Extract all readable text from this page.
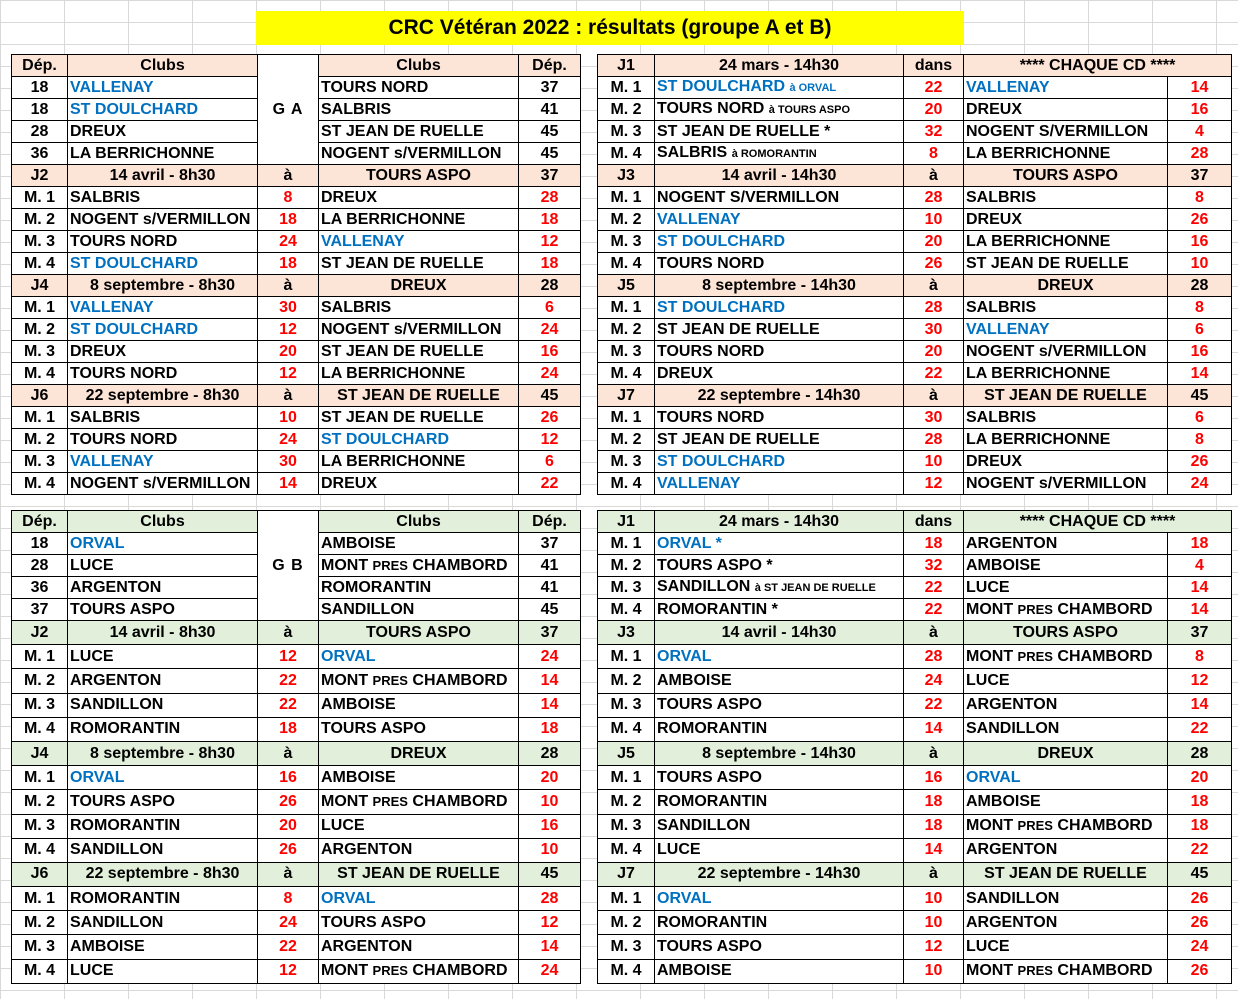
CRC Vétéran 2022 : résultats (groupe A et B)
Dép.	Clubs	G A	Clubs	Dép.
18	VALLENAY		TOURS NORD	37
18	ST DOULCHARD		SALBRIS	41
28	DREUX		ST JEAN DE RUELLE	45
36	LA BERRICHONNE		NOGENT s/VERMILLON	45
J2	14 avril - 8h30	à	TOURS ASPO	37
M. 1	SALBRIS	8	DREUX	28
M. 2	NOGENT s/VERMILLON	18	LA BERRICHONNE	18
M. 3	TOURS NORD	24	VALLENAY	12
M. 4	ST DOULCHARD	18	ST JEAN DE RUELLE	18
J4	8 septembre - 8h30	à	DREUX	28
M. 1	VALLENAY	30	SALBRIS	6
M. 2	ST DOULCHARD	12	NOGENT s/VERMILLON	24
M. 3	DREUX	20	ST JEAN DE RUELLE	16
M. 4	TOURS NORD	12	LA BERRICHONNE	24
J6	22 septembre - 8h30	à	ST JEAN DE RUELLE	45
M. 1	SALBRIS	10	ST JEAN DE RUELLE	26
M. 2	TOURS NORD	24	ST DOULCHARD	12
M. 3	VALLENAY	30	LA BERRICHONNE	6
M. 4	NOGENT s/VERMILLON	14	DREUX	22
J1	24 mars - 14h30	dans	**** CHAQUE CD ****	
M. 1	ST DOULCHARD à ORVAL	22	VALLENAY	14
M. 2	TOURS NORD à TOURS ASPO	20	DREUX	16
M. 3	ST JEAN DE RUELLE *	32	NOGENT S/VERMILLON	4
M. 4	SALBRIS à ROMORANTIN	8	LA BERRICHONNE	28
J3	14 avril - 14h30	à	TOURS ASPO	37
M. 1	NOGENT S/VERMILLON	28	SALBRIS	8
M. 2	VALLENAY	10	DREUX	26
M. 3	ST DOULCHARD	20	LA BERRICHONNE	16
M. 4	TOURS NORD	26	ST JEAN DE RUELLE	10
J5	8 septembre - 14h30	à	DREUX	28
M. 1	ST DOULCHARD	28	SALBRIS	8
M. 2	ST JEAN DE RUELLE	30	VALLENAY	6
M. 3	TOURS NORD	20	NOGENT s/VERMILLON	16
M. 4	DREUX	22	LA BERRICHONNE	14
J7	22 septembre - 14h30	à	ST JEAN DE RUELLE	45
M. 1	TOURS NORD	30	SALBRIS	6
M. 2	ST JEAN DE RUELLE	28	LA BERRICHONNE	8
M. 3	ST DOULCHARD	10	DREUX	26
M. 4	VALLENAY	12	NOGENT s/VERMILLON	24
Dép.	Clubs	G B	Clubs	Dép.
18	ORVAL		AMBOISE	37
28	LUCE		MONT PRES CHAMBORD	41
36	ARGENTON		ROMORANTIN	41
37	TOURS ASPO		SANDILLON	45
J2	14 avril - 8h30	à	TOURS ASPO	37
M. 1	LUCE	12	ORVAL	24
M. 2	ARGENTON	22	MONT PRES CHAMBORD	14
M. 3	SANDILLON	22	AMBOISE	14
M. 4	ROMORANTIN	18	TOURS ASPO	18
J4	8 septembre - 8h30	à	DREUX	28
M. 1	ORVAL	16	AMBOISE	20
M. 2	TOURS ASPO	26	MONT PRES CHAMBORD	10
M. 3	ROMORANTIN	20	LUCE	16
M. 4	SANDILLON	26	ARGENTON	10
J6	22 septembre - 8h30	à	ST JEAN DE RUELLE	45
M. 1	ROMORANTIN	8	ORVAL	28
M. 2	SANDILLON	24	TOURS ASPO	12
M. 3	AMBOISE	22	ARGENTON	14
M. 4	LUCE	12	MONT PRES CHAMBORD	24
J1	24 mars - 14h30	dans	**** CHAQUE CD ****	
M. 1	ORVAL *	18	ARGENTON	18
M. 2	TOURS ASPO *	32	AMBOISE	4
M. 3	SANDILLON à ST JEAN DE RUELLE	22	LUCE	14
M. 4	ROMORANTIN *	22	MONT PRES CHAMBORD	14
J3	14 avril - 14h30	à	TOURS ASPO	37
M. 1	ORVAL	28	MONT PRES CHAMBORD	8
M. 2	AMBOISE	24	LUCE	12
M. 3	TOURS ASPO	22	ARGENTON	14
M. 4	ROMORANTIN	14	SANDILLON	22
J5	8 septembre - 14h30	à	DREUX	28
M. 1	TOURS ASPO	16	ORVAL	20
M. 2	ROMORANTIN	18	AMBOISE	18
M. 3	SANDILLON	18	MONT PRES CHAMBORD	18
M. 4	LUCE	14	ARGENTON	22
J7	22 septembre - 14h30	à	ST JEAN DE RUELLE	45
M. 1	ORVAL	10	SANDILLON	26
M. 2	ROMORANTIN	10	ARGENTON	26
M. 3	TOURS ASPO	12	LUCE	24
M. 4	AMBOISE	10	MONT PRES CHAMBORD	26
